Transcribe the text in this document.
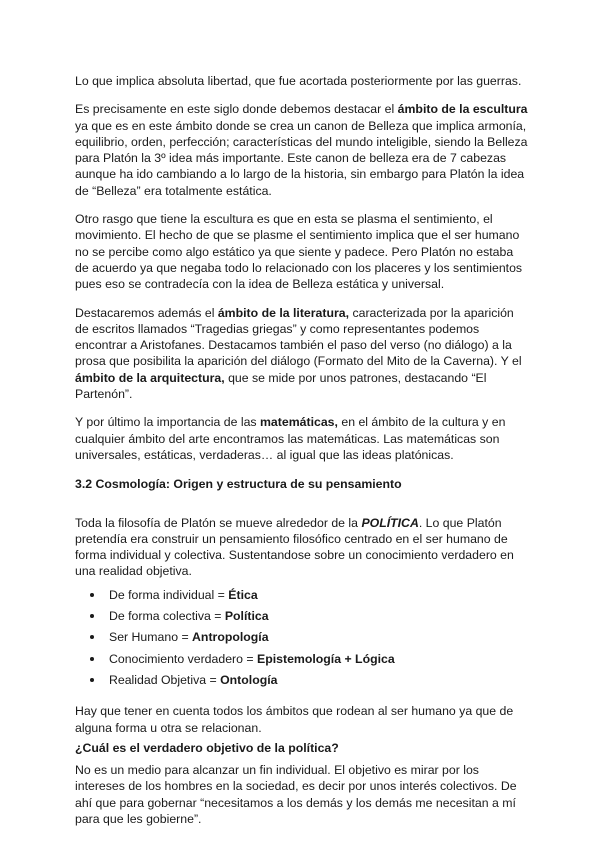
Lo que implica absoluta libertad, que fue acortada posteriormente por las guerras.

Es precisamente en este siglo donde debemos destacar el ámbito de la escultura ya que es en este ámbito donde se crea un canon de Belleza que implica armonía, equilibrio, orden, perfección; características del mundo inteligible, siendo la Belleza para Platón la 3º idea más importante. Este canon de belleza era de 7 cabezas aunque ha ido cambiando a lo largo de la historia, sin embargo para Platón la idea de “Belleza” era totalmente estática.

Otro rasgo que tiene la escultura es que en esta se plasma el sentimiento, el movimiento. El hecho de que se plasme el sentimiento implica que el ser humano no se percibe como algo estático ya que siente y padece. Pero Platón no estaba de acuerdo ya que negaba todo lo relacionado con los placeres y los sentimientos pues eso se contradecía con la idea de Belleza estática y universal.

Destacaremos además el ámbito de la literatura, caracterizada por la aparición de escritos llamados “Tragedias griegas” y como representantes podemos encontrar a Aristofanes. Destacamos también el paso del verso (no diálogo) a la prosa que posibilita la aparición del diálogo (Formato del Mito de la Caverna). Y el ámbito de la arquitectura, que se mide por unos patrones, destacando “El Partenón”.

Y por último la importancia de las matemáticas, en el ámbito de la cultura y en cualquier ámbito del arte encontramos las matemáticas. Las matemáticas son universales, estáticas, verdaderas… al igual que las ideas platónicas.

3.2 Cosmología: Origen y estructura de su pensamiento

Toda la filosofía de Platón se mueve alrededor de la POLÍTICA. Lo que Platón pretendía era construir un pensamiento filosófico centrado en el ser humano de forma individual y colectiva. Sustentandose sobre un conocimiento verdadero en una realidad objetiva.

De forma individual = Ética
De forma colectiva = Política
Ser Humano = Antropología
Conocimiento verdadero = Epistemología + Lógica
Realidad Objetiva = Ontología

Hay que tener en cuenta todos los ámbitos que rodean al ser humano ya que de alguna forma u otra se relacionan.

¿Cuál es el verdadero objetivo de la política?

No es un medio para alcanzar un fin individual. El objetivo es mirar por los intereses de los hombres en la sociedad, es decir por unos interés colectivos. De ahí que para gobernar “necesitamos a los demás y los demás me necesitan a mí para que les gobierne”.
